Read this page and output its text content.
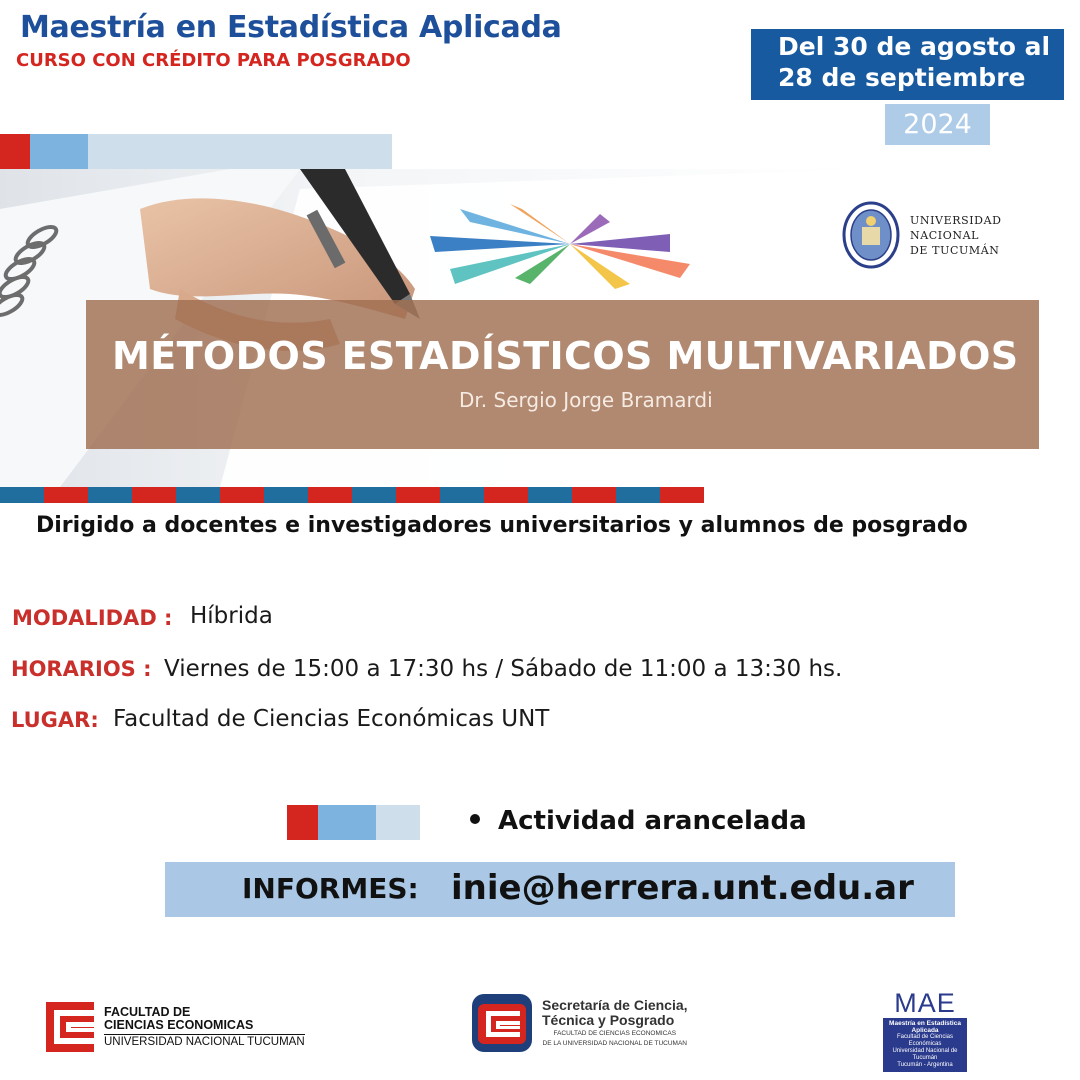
Maestría en Estadística Aplicada
CURSO CON CRÉDITO PARA POSGRADO	Del 30 de agosto al
28 de septiembre
2024
UNIVERSIDAD
NACIONAL
DE TUCUMÁN
MÉTODOS ESTADÍSTICOS MULTIVARIADOS
Dr. Sergio Jorge Bramardi
Dirigido a docentes e investigadores universitarios y alumnos de posgrado
MODALIDAD : Híbrida
HORARIOS : Viernes de 15:00 a 17:30 hs / Sábado de 11:00 a 13:30 hs.
LUGAR: Facultad de Ciencias Económicas UNT
Actividad arancelada
INFORMES: inie@herrera.unt.edu.ar
FACULTAD DE
CIENCIAS ECONOMICAS
UNIVERSIDAD NACIONAL TUCUMAN
Secretaría de Ciencia,
Técnica y Posgrado
FACULTAD DE CIENCIAS ECONOMICAS
DE LA UNIVERSIDAD NACIONAL DE TUCUMAN
MAE
Maestría en Estadística Aplicada
Facultad de Ciencias Económicas
Universidad Nacional de Tucumán
Tucumán - Argentina
